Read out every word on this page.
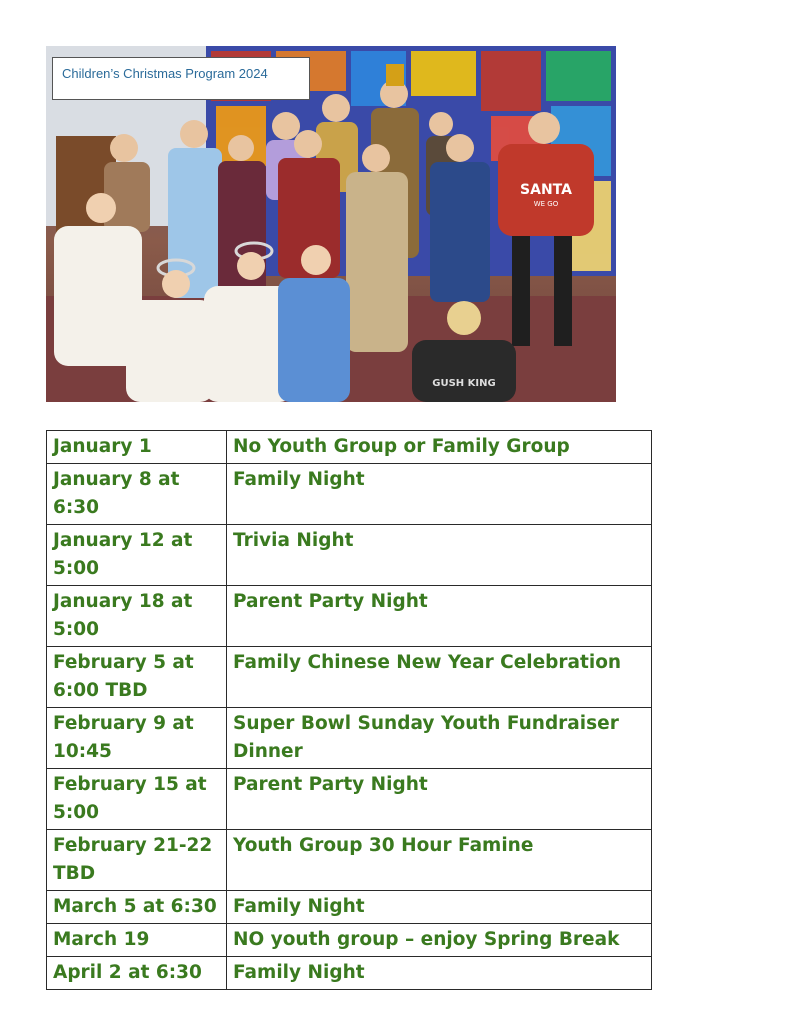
SANTA
WE GO
GUSH KING
Children’s Christmas Program 2024
January 1	No Youth Group or Family Group
January 8 at 6:30	Family Night
January 12 at 5:00	Trivia Night
January 18 at 5:00	Parent Party Night
February 5 at 6:00 TBD	Family Chinese New Year Celebration
February 9 at 10:45	Super Bowl Sunday Youth Fundraiser Dinner
February 15 at 5:00	Parent Party Night
February 21-22 TBD	Youth Group 30 Hour Famine
March 5 at 6:30	Family Night
March 19	NO youth group – enjoy Spring Break
April 2 at 6:30	Family Night
